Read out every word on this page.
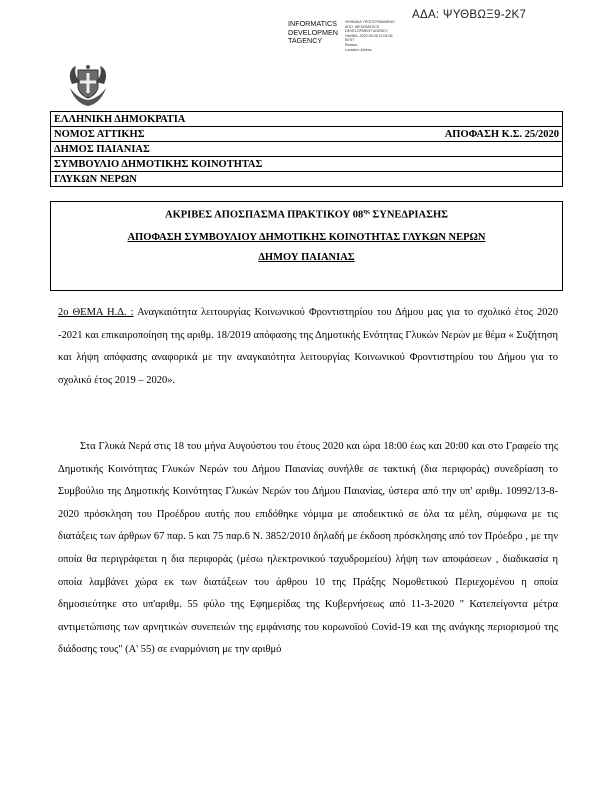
ΑΔΑ: ΨΥΘΒΩΞ9-2Κ7
INFORMATICS
DEVELOPMEN
TAGENCY
ΨΗΦΙΑΚΑ ΥΠΟΓΕΓΡΑΜΜΕΝΟ
ΑΠΟ: ΙNFORMATICS
DEVELOPMENT AGENCY
ΗΜ/ΝΙΑ: 2020.08.28 12:04:08
EEST
Reason:
Location: Athens
ΕΛΛΗΝΙΚΗ ΔΗΜΟΚΡΑΤΙΑ

ΝΟΜΟΣ ΑΤΤΙΚΗΣ	ΑΠΟΦΑΣΗ Κ.Σ. 25/2020

ΔΗΜΟΣ ΠΑΙΑΝΙΑΣ

ΣΥΜΒΟΥΛΙΟ ΔΗΜΟΤΙΚΗΣ ΚΟΙΝΟΤΗΤΑΣ

ΓΛΥΚΩΝ ΝΕΡΩΝ

ΑΚΡΙΒΕΣ ΑΠΟΣΠΑΣΜΑ ΠΡΑΚΤΙΚΟΥ $08^{\eta\varsigma}$ ΣΥΝΕΔΡΙΑΣΗΣ

ΑΠΟΦΑΣΗ ΣΥΜΒΟΥΛΙΟΥ ΔΗΜΟΤΙΚΗΣ ΚΟΙΝΟΤΗΤΑΣ ΓΛΥΚΩΝ ΝΕΡΩΝ

ΔΗΜΟΥ ΠΑΙΑΝΙΑΣ

2ο ΘΕΜΑ Η.Δ. : Αναγκαιότητα λειτουργίας Κοινωνικού Φροντιστηρίου του Δήμου μας για το σχολικό έτος 2020 -2021 και επικαιροποίηση της αριθμ. 18/2019 απόφασης της Δημοτικής Ενότητας Γλυκών Νερών με θέμα « Συζήτηση και λήψη απόφασης αναφορικά με την αναγκαιότητα λειτουργίας Κοινωνικού Φροντιστηρίου του Δήμου για το σχολικό έτος 2019 – 2020».
Στα Γλυκά Νερά στις 18 του μήνα Αυγούστου του έτους 2020 και ώρα 18:00 έως και 20:00 και στο Γραφείο της Δημοτικής Κοινότητας Γλυκών Νερών του Δήμου Παιανίας συνήλθε σε τακτική (δια περιφοράς) συνεδρίαση το Συμβούλιο της Δημοτικής Κοινότητας Γλυκών Νερών του Δήμου Παιανίας, ύστερα από την υπ' αριθμ. 10992/13-8-2020 πρόσκληση του Προέδρου αυτής που επιδόθηκε νόμιμα με αποδεικτικό σε όλα τα μέλη, σύμφωνα με τις διατάξεις των άρθρων 67 παρ. 5 και 75 παρ.6 Ν. 3852/2010 δηλαδή με έκδοση πρόσκλησης από τον Πρόεδρο , με την οποία θα περιγράφεται η δια περιφοράς (μέσω ηλεκτρονικού ταχυδρομείου) λήψη των αποφάσεων , διαδικασία η οποία λαμβάνει χώρα εκ των διατάξεων του άρθρου 10 της Πράξης Νομοθετικού Περιεχομένου η οποία δημοσιεύτηκε στο υπ'αριθμ. 55 φύλο της Εφημερίδας της Κυβερνήσεως από 11-3-2020 " Κατεπείγοντα μέτρα αντιμετώπισης των αρνητικών συνεπειών της εμφάνισης του κορωνοϊού Covid-19 και της ανάγκης περιορισμού της διάδοσης τους" (Α' 55) σε εναρμόνιση με την αριθμό
